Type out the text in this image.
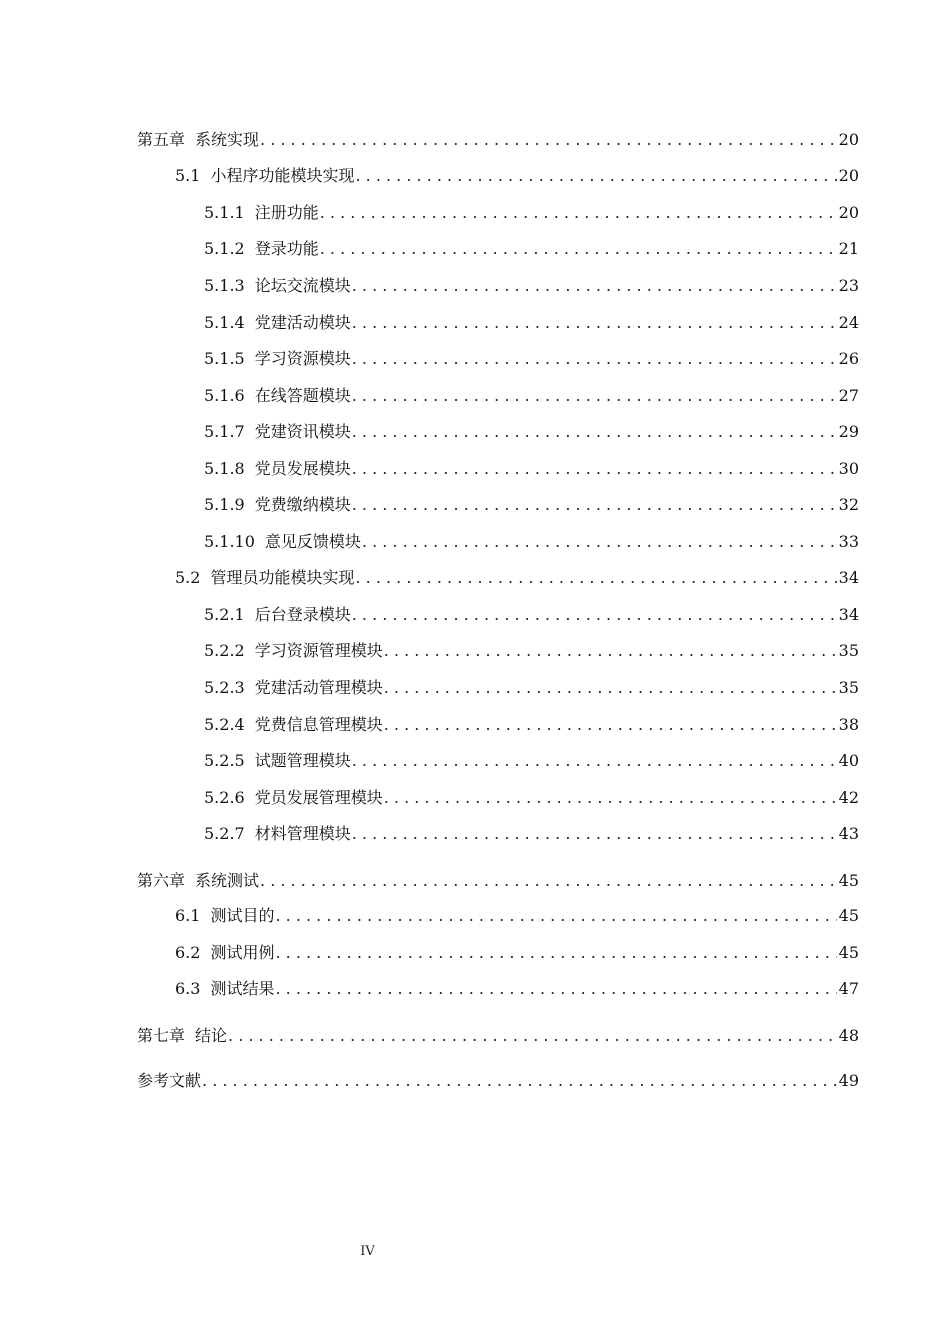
第五章 系统实现 . . .	20
5.1 小程序功能模块实现 . . .	20
5.1.1 注册功能 . . .	20
5.1.2 登录功能 . . .	21
5.1.3 论坛交流模块 . . .	23
5.1.4 党建活动模块 . . .	24
5.1.5 学习资源模块 . . .	26
5.1.6 在线答题模块 . . .	27
5.1.7 党建资讯模块 . . .	29
5.1.8 党员发展模块 . . .	30
5.1.9 党费缴纳模块 . . .	32
5.1.10 意见反馈模块 . . .	33
5.2 管理员功能模块实现 . . .	34
5.2.1 后台登录模块 . . .	34
5.2.2 学习资源管理模块 . . .	35
5.2.3 党建活动管理模块 . . .	35
5.2.4 党费信息管理模块 . . .	38
5.2.5 试题管理模块 . . .	40
5.2.6 党员发展管理模块 . . .	42
5.2.7 材料管理模块 . . .	43
第六章 系统测试 . . .	45
6.1 测试目的 . . .	45
6.2 测试用例 . . .	45
6.3 测试结果 . . .	47
第七章 结论 . . .	48
参考文献 . . .	49
IV
